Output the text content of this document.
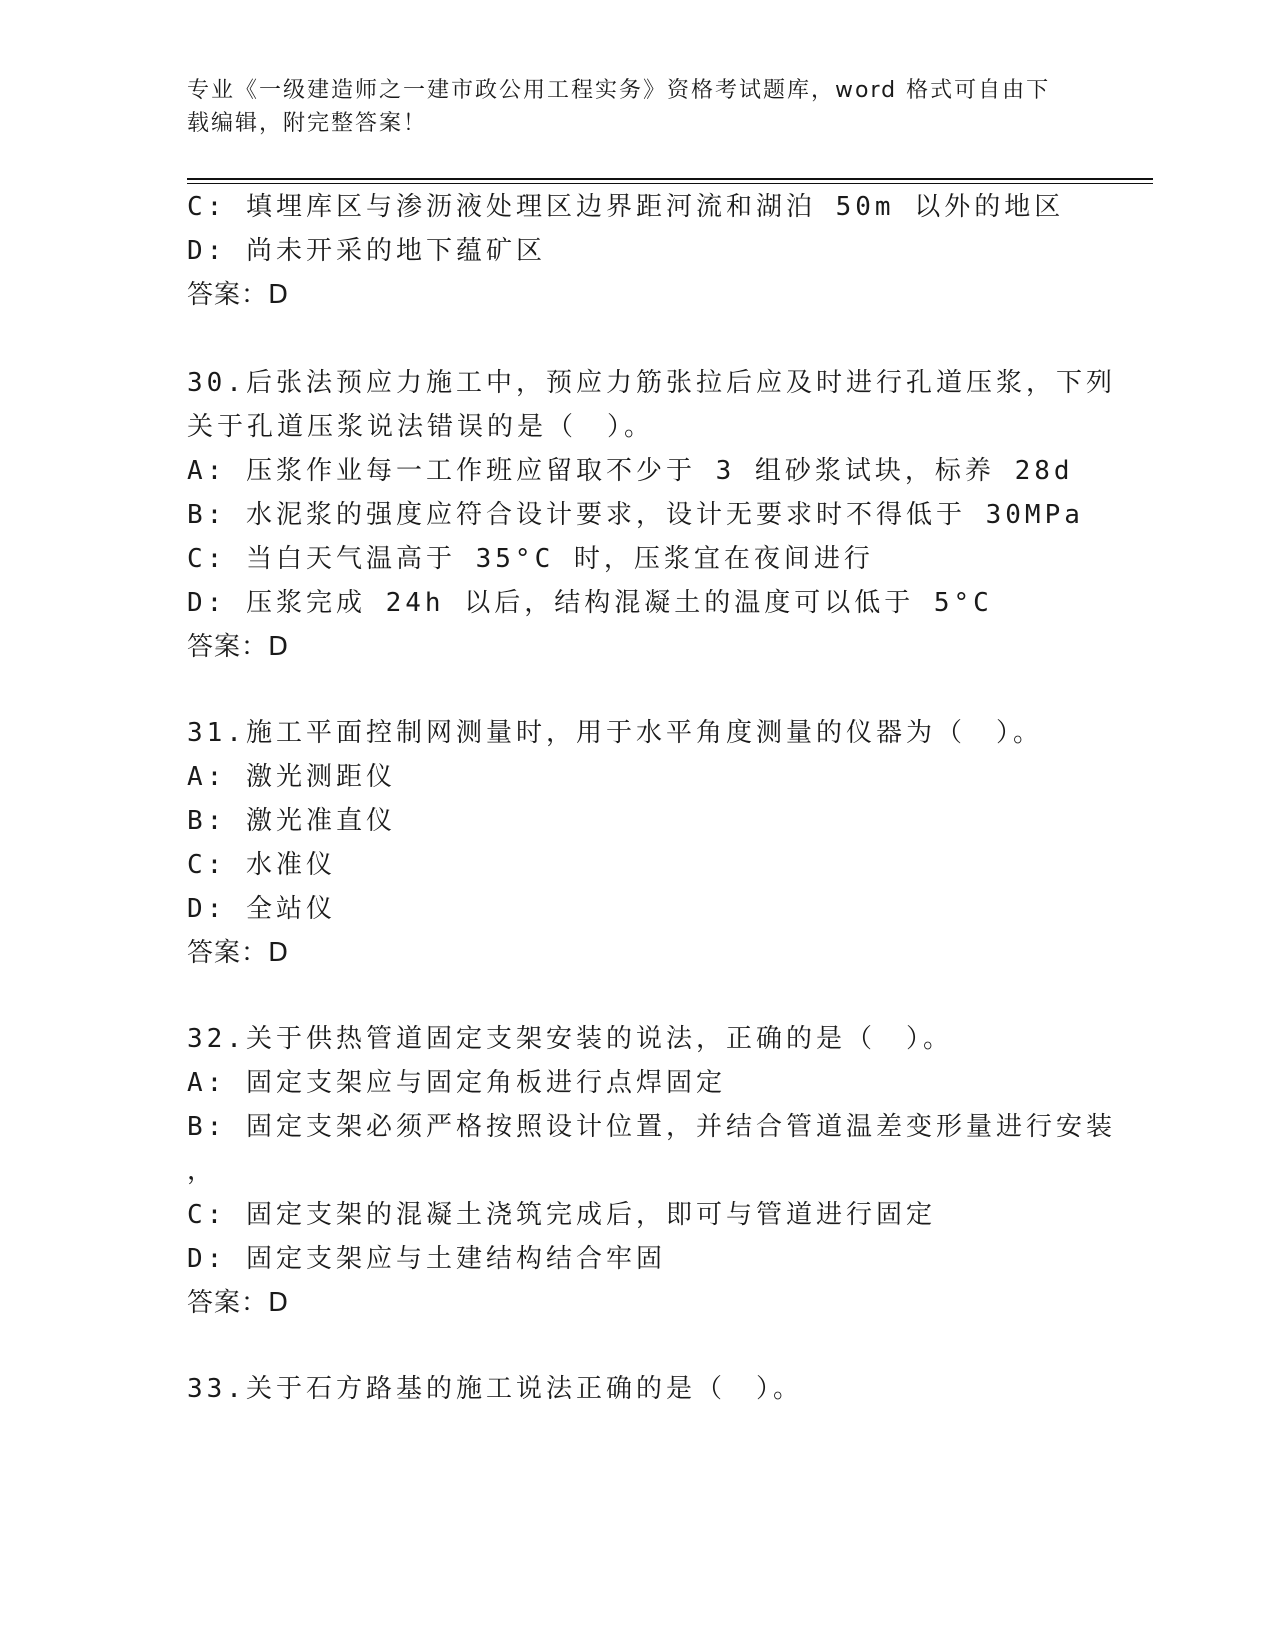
专业《一级建造师之一建市政公用工程实务》资格考试题库，word 格式可自由下
载编辑，附完整答案！
C: 填埋库区与渗沥液处理区边界距河流和湖泊 50m 以外的地区
D: 尚未开采的地下蕴矿区
答案：D
30.后张法预应力施工中，预应力筋张拉后应及时进行孔道压浆，下列
关于孔道压浆说法错误的是（　）。
A: 压浆作业每一工作班应留取不少于 3 组砂浆试块，标养 28d
B: 水泥浆的强度应符合设计要求，设计无要求时不得低于 30MPa
C: 当白天气温高于 35°C 时，压浆宜在夜间进行
D: 压浆完成 24h 以后，结构混凝土的温度可以低于 5°C
答案：D
31.施工平面控制网测量时，用于水平角度测量的仪器为（　）。
A: 激光测距仪
B: 激光准直仪
C: 水准仪
D: 全站仪
答案：D
32.关于供热管道固定支架安装的说法，正确的是（　）。
A: 固定支架应与固定角板进行点焊固定
B: 固定支架必须严格按照设计位置，并结合管道温差变形量进行安装
，
C: 固定支架的混凝土浇筑完成后，即可与管道进行固定
D: 固定支架应与土建结构结合牢固
答案：D
33.关于石方路基的施工说法正确的是（　）。
